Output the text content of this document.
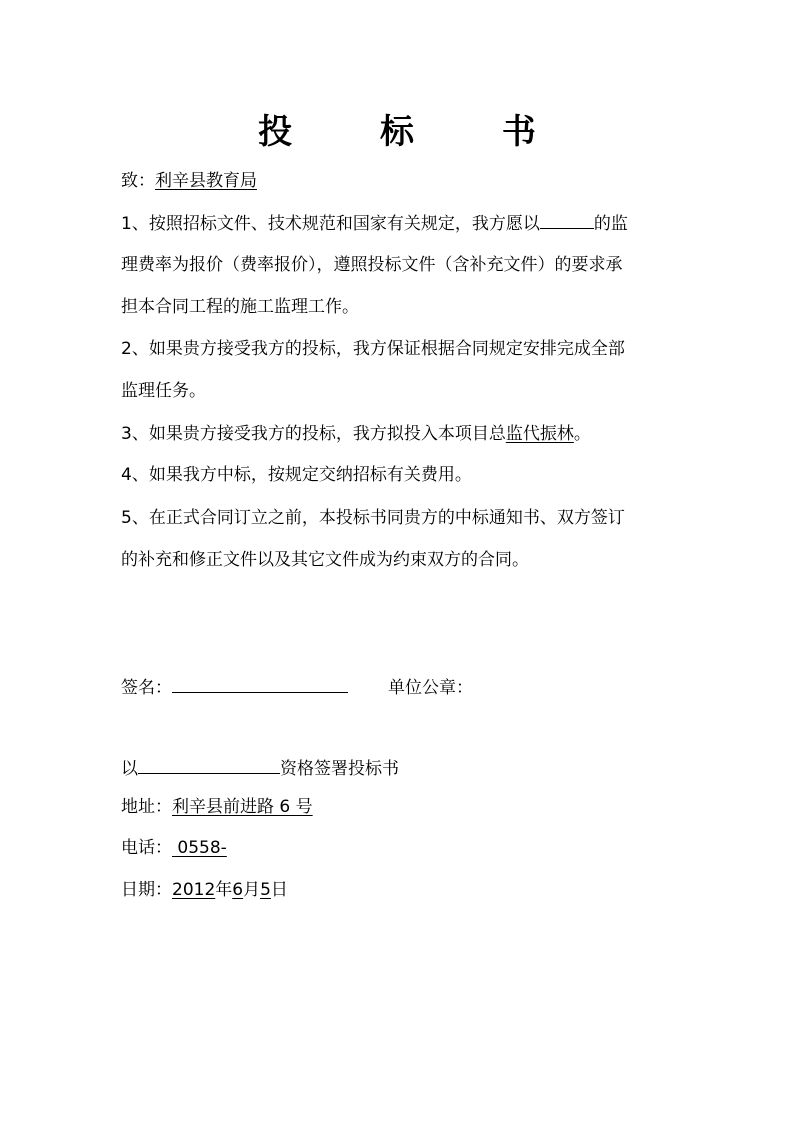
投 标 书
致：利辛县教育局
1、按照招标文件、技术规范和国家有关规定，我方愿以	的监
理费率为报价（费率报价），遵照投标文件（含补充文件）的要求承
担本合同工程的施工监理工作。
2、如果贵方接受我方的投标，我方保证根据合同规定安排完成全部
监理任务。
3、如果贵方接受我方的投标，我方拟投入本项目总监代振林。
4、如果我方中标，按规定交纳招标有关费用。
5、在正式合同订立之前，本投标书同贵方的中标通知书、双方签订
的补充和修正文件以及其它文件成为约束双方的合同。
签名：	单位公章：
以	资格签署投标书
地址：利辛县前进路 6 号
电话： 0558-
日期：2012年6月5日
